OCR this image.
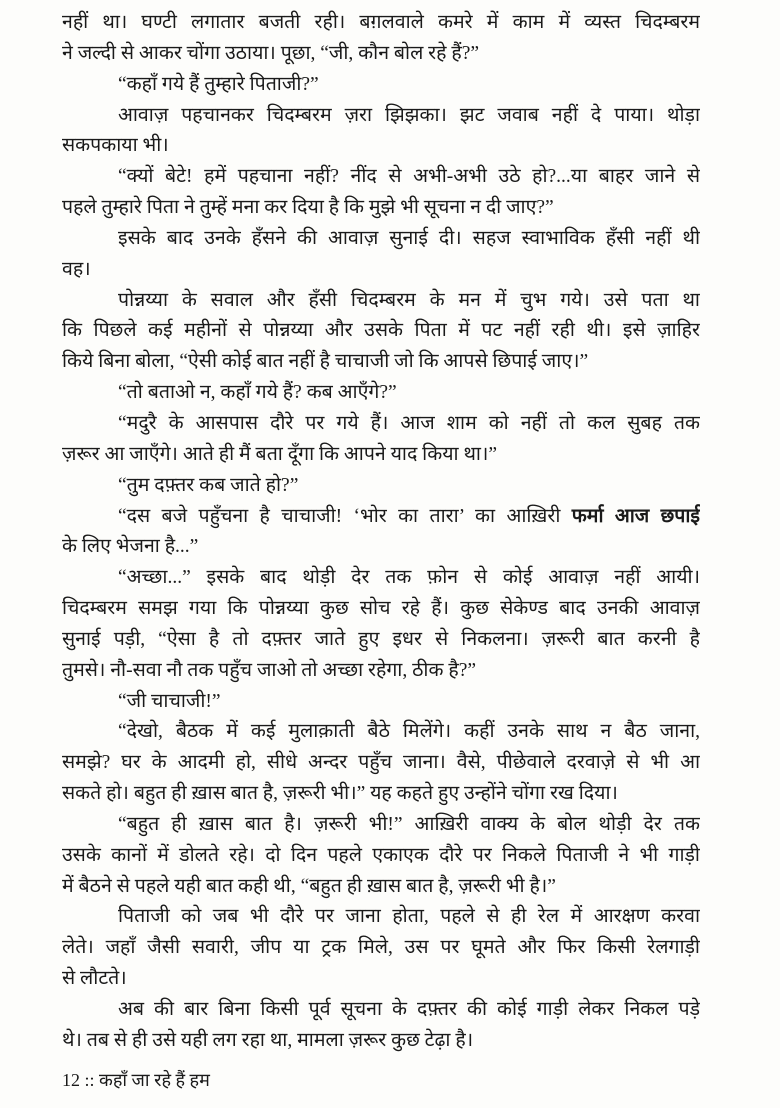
नहीं था। घण्टी लगातार बजती रही। बग़लवाले कमरे में काम में व्यस्त चिदम्बरम
ने जल्दी से आकर चोंगा उठाया। पूछा, “जी, कौन बोल रहे हैं?”
“कहाँ गये हैं तुम्हारे पिताजी?”
आवाज़ पहचानकर चिदम्बरम ज़रा झिझका। झट जवाब नहीं दे पाया। थोड़ा
सकपकाया भी।
“क्यों बेटे! हमें पहचाना नहीं? नींद से अभी-अभी उठे हो?...या बाहर जाने से
पहले तुम्हारे पिता ने तुम्हें मना कर दिया है कि मुझे भी सूचना न दी जाए?”
इसके बाद उनके हँसने की आवाज़ सुनाई दी। सहज स्वाभाविक हँसी नहीं थी
वह।
पोन्नय्या के सवाल और हँसी चिदम्बरम के मन में चुभ गये। उसे पता था
कि पिछले कई महीनों से पोन्नय्या और उसके पिता में पट नहीं रही थी। इसे ज़ाहिर
किये बिना बोला, “ऐसी कोई बात नहीं है चाचाजी जो कि आपसे छिपाई जाए।”
“तो बताओ न, कहाँ गये हैं? कब आएँगे?”
“मदुरै के आसपास दौरे पर गये हैं। आज शाम को नहीं तो कल सुबह तक
ज़रूर आ जाएँगे। आते ही मैं बता दूँगा कि आपने याद किया था।”
“तुम दफ़्तर कब जाते हो?”
“दस बजे पहुँचना है चाचाजी! ‘भोर का तारा’ का आख़िरी फर्मा आज छपाई
के लिए भेजना है...”
“अच्छा...” इसके बाद थोड़ी देर तक फ़ोन से कोई आवाज़ नहीं आयी।
चिदम्बरम समझ गया कि पोन्नय्या कुछ सोच रहे हैं। कुछ सेकेण्ड बाद उनकी आवाज़
सुनाई पड़ी, “ऐसा है तो दफ़्तर जाते हुए इधर से निकलना। ज़रूरी बात करनी है
तुमसे। नौ-सवा नौ तक पहुँच जाओ तो अच्छा रहेगा, ठीक है?”
“जी चाचाजी!”
“देखो, बैठक में कई मुलाक़ाती बैठे मिलेंगे। कहीं उनके साथ न बैठ जाना,
समझे? घर के आदमी हो, सीधे अन्दर पहुँच जाना। वैसे, पीछेवाले दरवाज़े से भी आ
सकते हो। बहुत ही ख़ास बात है, ज़रूरी भी।” यह कहते हुए उन्होंने चोंगा रख दिया।
“बहुत ही ख़ास बात है। ज़रूरी भी!” आख़िरी वाक्य के बोल थोड़ी देर तक
उसके कानों में डोलते रहे। दो दिन पहले एकाएक दौरे पर निकले पिताजी ने भी गाड़ी
में बैठने से पहले यही बात कही थी, “बहुत ही ख़ास बात है, ज़रूरी भी है।”
पिताजी को जब भी दौरे पर जाना होता, पहले से ही रेल में आरक्षण करवा
लेते। जहाँ जैसी सवारी, जीप या ट्रक मिले, उस पर घूमते और फिर किसी रेलगाड़ी
से लौटते।
अब की बार बिना किसी पूर्व सूचना के दफ़्तर की कोई गाड़ी लेकर निकल पड़े
थे। तब से ही उसे यही लग रहा था, मामला ज़रूर कुछ टेढ़ा है।
12 :: कहाँ जा रहे हैं हम
